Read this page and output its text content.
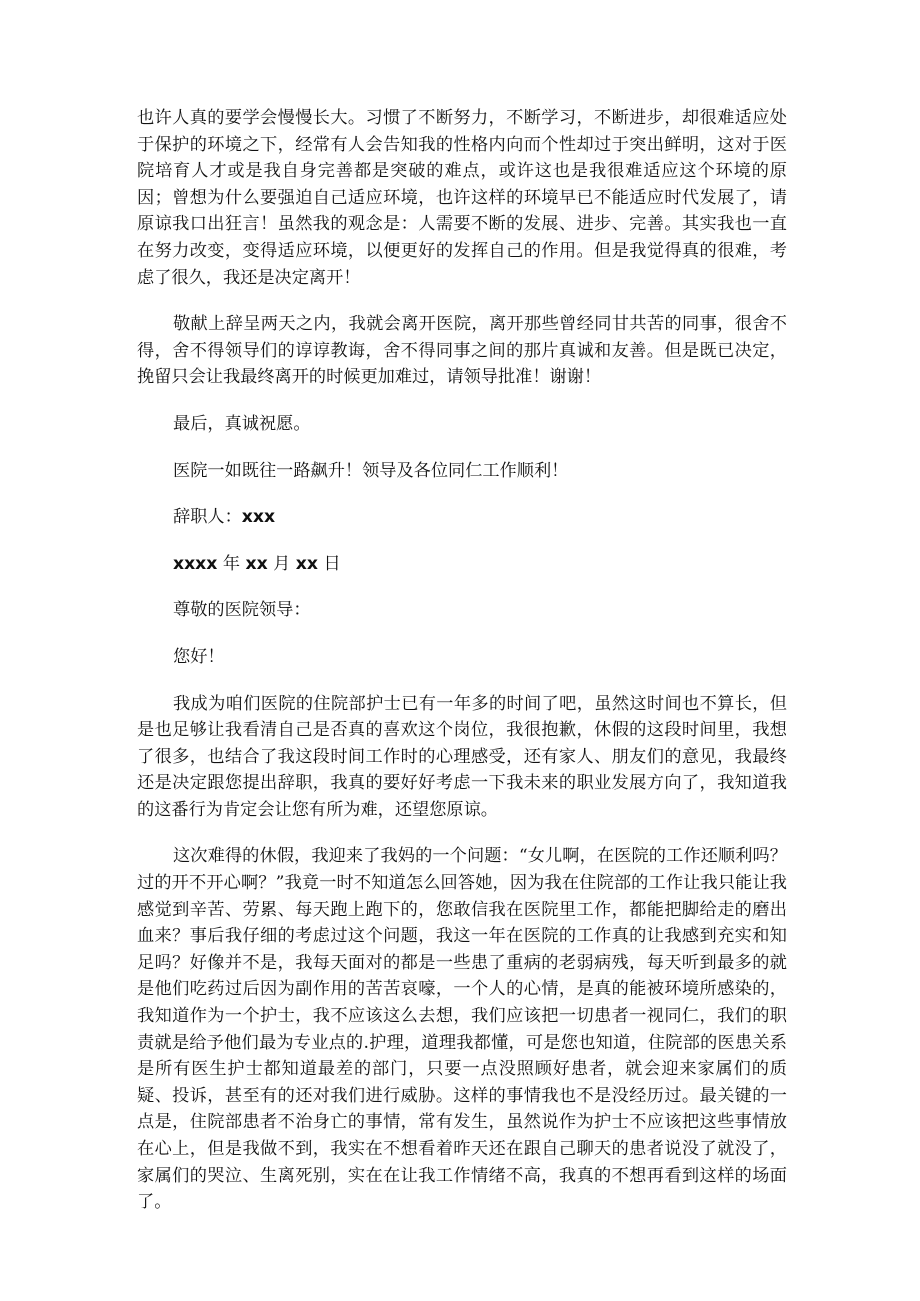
也许人真的要学会慢慢长大。习惯了不断努力，不断学习，不断进步，却很难适应处于保护的环境之下，经常有人会告知我的性格内向而个性却过于突出鲜明，这对于医院培育人才或是我自身完善都是突破的难点，或许这也是我很难适应这个环境的原因；曾想为什么要强迫自己适应环境，也许这样的环境早已不能适应时代发展了，请原谅我口出狂言！虽然我的观念是：人需要不断的发展、进步、完善。其实我也一直在努力改变，变得适应环境，以便更好的发挥自己的作用。但是我觉得真的很难，考虑了很久，我还是决定离开！

敬献上辞呈两天之内，我就会离开医院，离开那些曾经同甘共苦的同事，很舍不得，舍不得领导们的谆谆教诲，舍不得同事之间的那片真诚和友善。但是既已决定，挽留只会让我最终离开的时候更加难过，请领导批准！谢谢！

最后，真诚祝愿。

医院一如既往一路飙升！领导及各位同仁工作顺利！

辞职人：xxx

xxxx 年 xx 月 xx 日

尊敬的医院领导：

您好！

我成为咱们医院的住院部护士已有一年多的时间了吧，虽然这时间也不算长，但是也足够让我看清自己是否真的喜欢这个岗位，我很抱歉，休假的这段时间里，我想了很多，也结合了我这段时间工作时的心理感受，还有家人、朋友们的意见，我最终还是决定跟您提出辞职，我真的要好好考虑一下我未来的职业发展方向了，我知道我的这番行为肯定会让您有所为难，还望您原谅。

这次难得的休假，我迎来了我妈的一个问题：“女儿啊，在医院的工作还顺利吗？过的开不开心啊？”我竟一时不知道怎么回答她，因为我在住院部的工作让我只能让我感觉到辛苦、劳累、每天跑上跑下的，您敢信我在医院里工作，都能把脚给走的磨出血来？事后我仔细的考虑过这个问题，我这一年在医院的工作真的让我感到充实和知足吗？好像并不是，我每天面对的都是一些患了重病的老弱病残，每天听到最多的就是他们吃药过后因为副作用的苦苦哀嚎，一个人的心情，是真的能被环境所感染的，我知道作为一个护士，我不应该这么去想，我们应该把一切患者一视同仁，我们的职责就是给予他们最为专业点的.护理，道理我都懂，可是您也知道，住院部的医患关系是所有医生护士都知道最差的部门，只要一点没照顾好患者，就会迎来家属们的质疑、投诉，甚至有的还对我们进行威胁。这样的事情我也不是没经历过。最关键的一点是，住院部患者不治身亡的事情，常有发生，虽然说作为护士不应该把这些事情放在心上，但是我做不到，我实在不想看着昨天还在跟自己聊天的患者说没了就没了，家属们的哭泣、生离死别，实在在让我工作情绪不高，我真的不想再看到这样的场面了。
